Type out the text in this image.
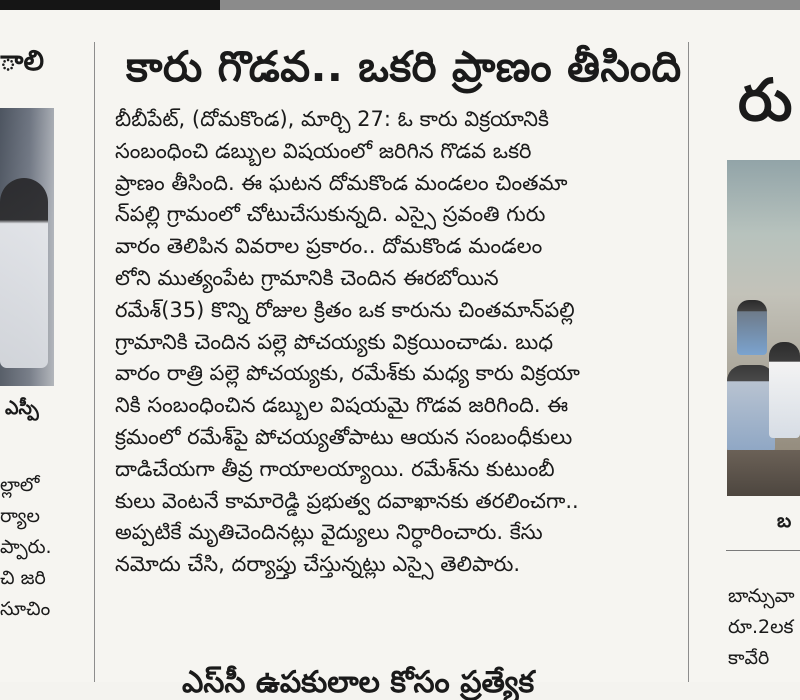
ాలి
ఎస్పీ
ల్లాలో
ర్యాల
ప్పారు.
చి జరి
సూచిం
కారు గొడవ.. ఒకరి ప్రాణం తీసింది
బీబీపేట్, (దోమకొండ), మార్చి 27: ఓ కారు విక్రయానికి
సంబంధించి డబ్బుల విషయంలో జరిగిన గొడవ ఒకరి
ప్రాణం తీసింది. ఈ ఘటన దోమకొండ మండలం చింతమా
న్‌పల్లి గ్రామంలో చోటుచేసుకున్నది. ఎస్సై స్రవంతి గురు
వారం తెలిపిన వివరాల ప్రకారం.. దోమకొండ మండలం
లోని ముత్యంపేట గ్రామానికి చెందిన ఈరబోయిన
రమేశ్(35) కొన్ని రోజుల క్రితం ఒక కారును చింతమాన్‌పల్లి
గ్రామానికి చెందిన పల్లె పోచయ్యకు విక్రయించాడు. బుధ
వారం రాత్రి పల్లె పోచయ్యకు, రమేశ్‌కు మధ్య కారు విక్రయా
నికి సంబంధించిన డబ్బుల విషయమై గొడవ జరిగింది. ఈ
క్రమంలో రమేశ్‌పై పోచయ్యతోపాటు ఆయన సంబంధీకులు
దాడిచేయగా తీవ్ర గాయాలయ్యాయి. రమేశ్‌ను కుటుంబీ
కులు వెంటనే కామారెడ్డి ప్రభుత్వ దవాఖానకు తరలించగా..
అప్పటికే మృతిచెందినట్లు వైద్యులు నిర్ధారించారు. కేసు
నమోదు చేసి, దర్యాప్తు చేస్తున్నట్లు ఎస్సై తెలిపారు.
ఎస్‌సీ ఉపకులాల కోసం ప్రత్యేక
రు
బ
బాన్సువా
రూ.2లక
కావేరి
